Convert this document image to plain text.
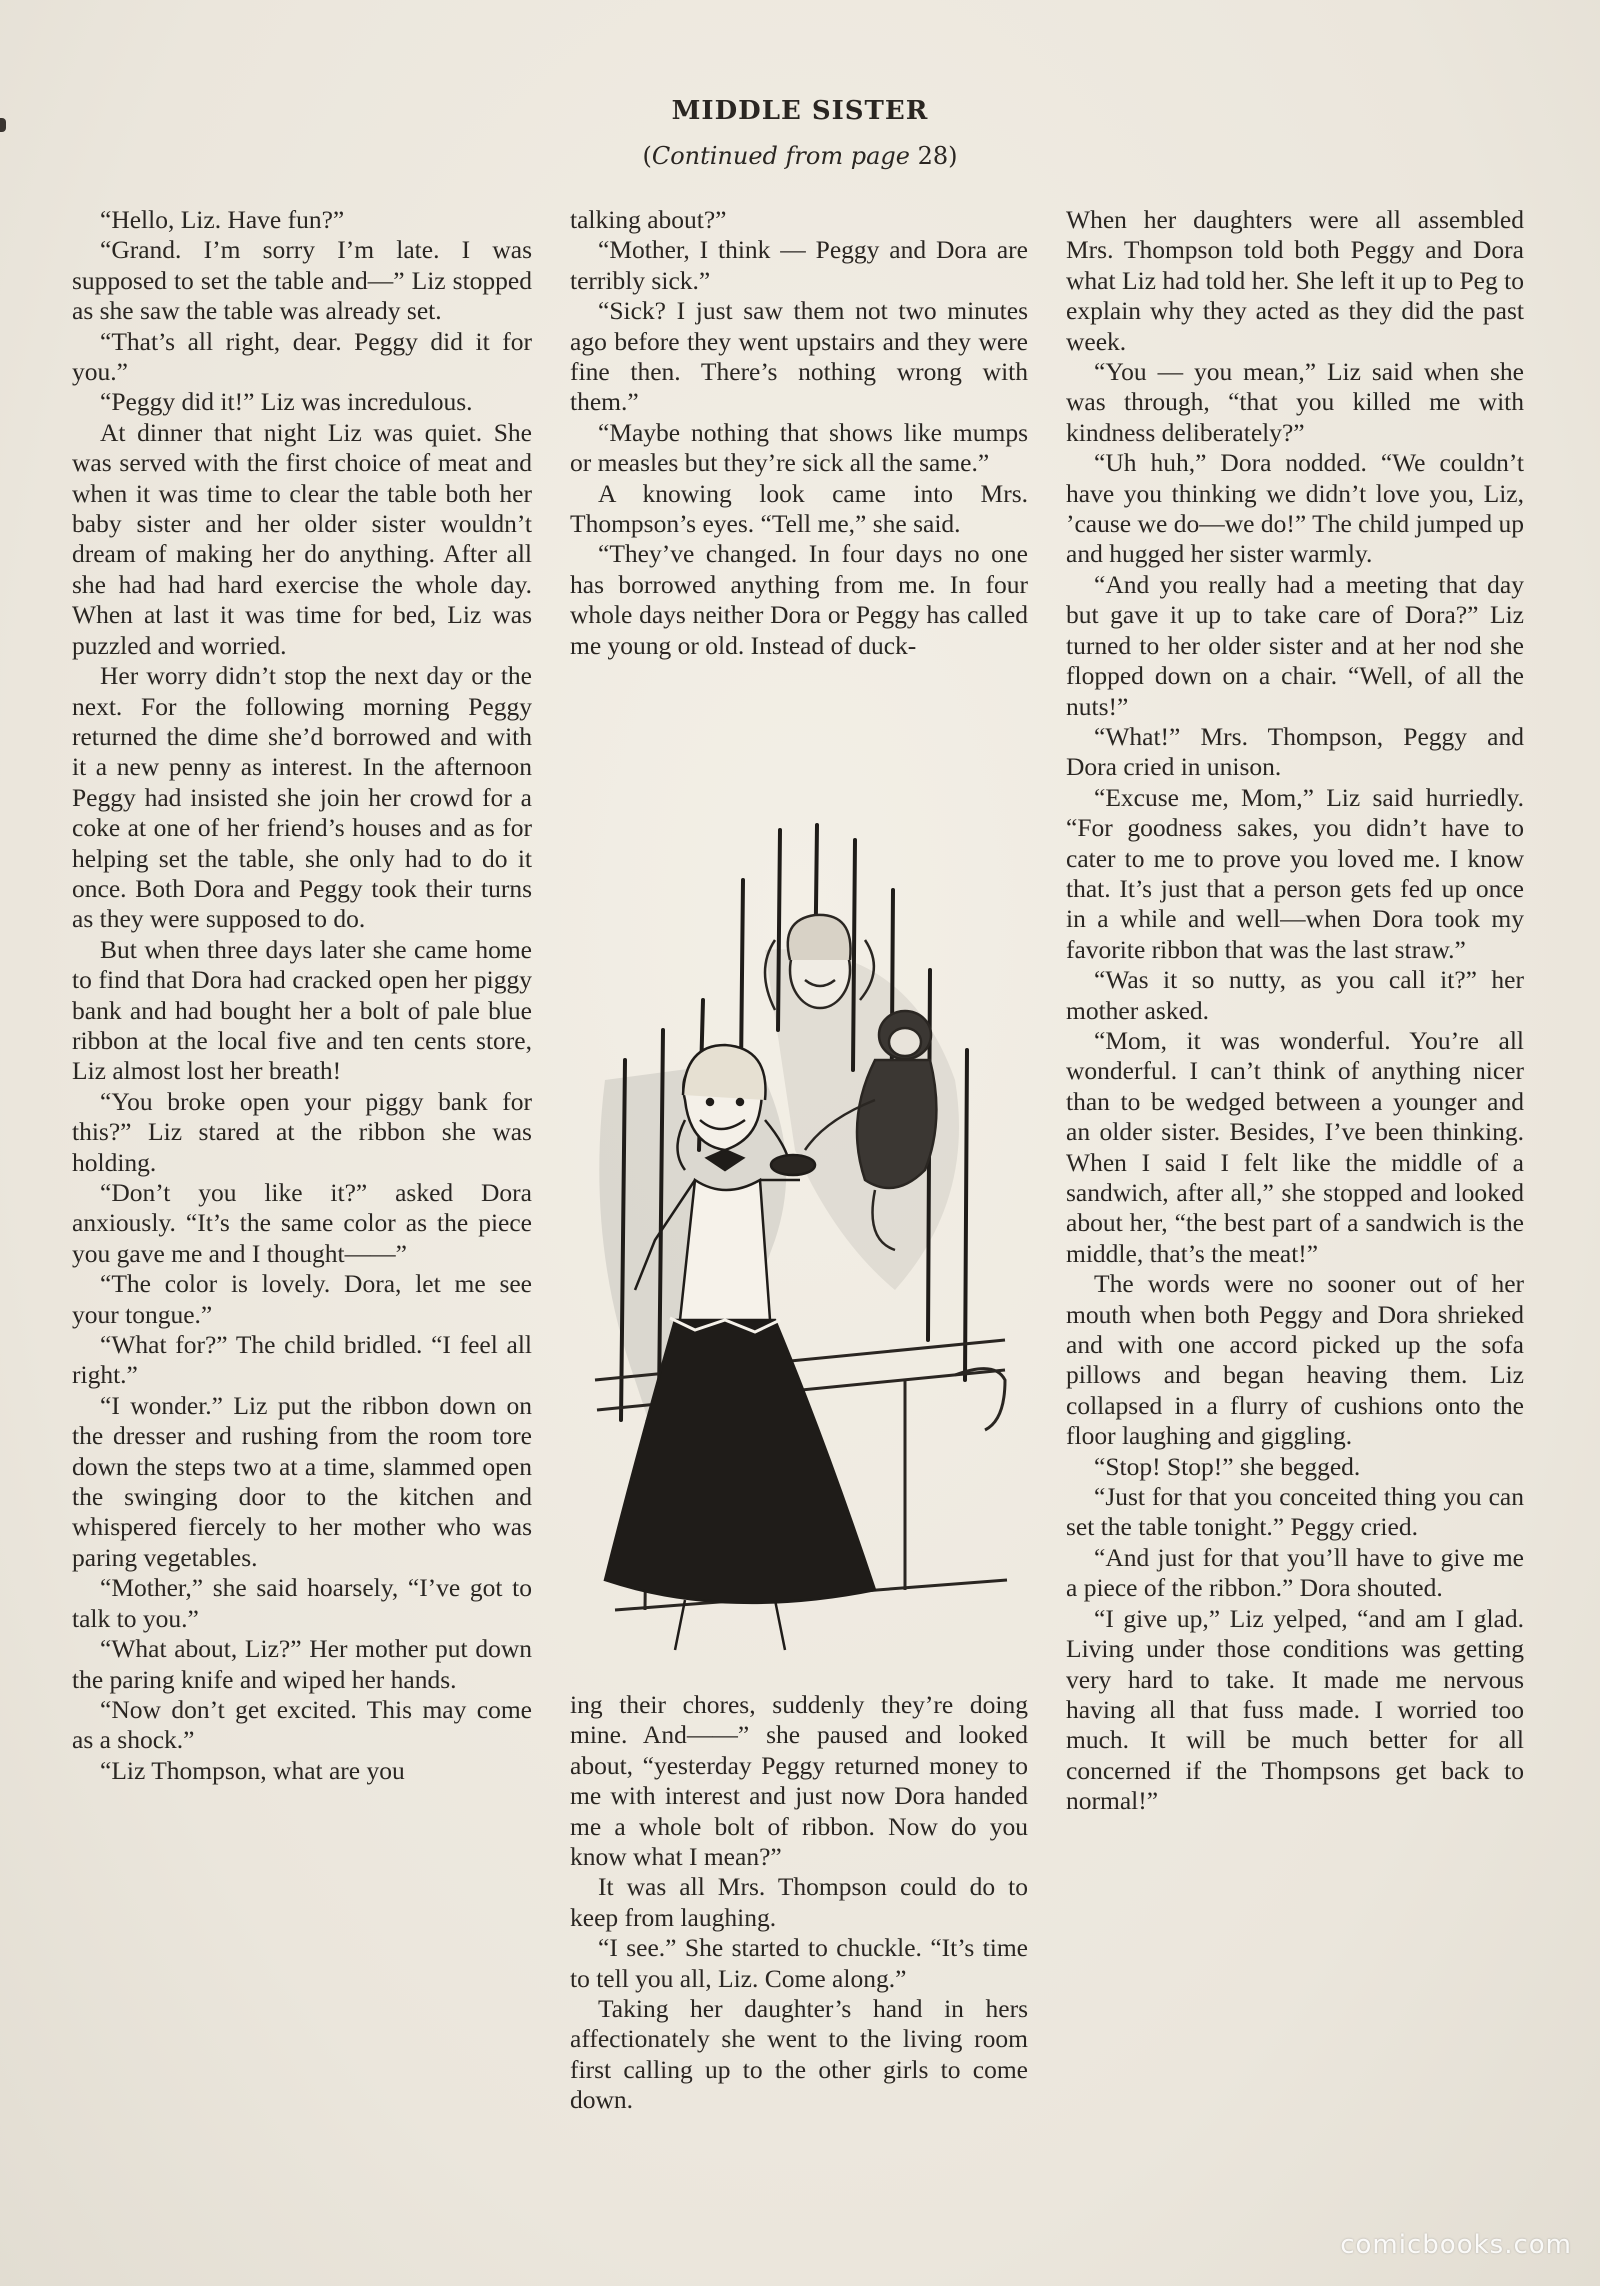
MIDDLE SISTER
(Continued from page 28)

“Hello, Liz. Have fun?”

“Grand. I’m sorry I’m late. I was supposed to set the table and—” Liz stopped as she saw the table was already set.

“That’s all right, dear. Peggy did it for you.”

“Peggy did it!” Liz was incredulous.

At dinner that night Liz was quiet. She was served with the first choice of meat and when it was time to clear the table both her baby sister and her older sister wouldn’t dream of making her do anything. After all she had had hard exercise the whole day. When at last it was time for bed, Liz was puzzled and worried.

Her worry didn’t stop the next day or the next. For the following morning Peggy returned the dime she’d borrowed and with it a new penny as interest. In the afternoon Peggy had insisted she join her crowd for a coke at one of her friend’s houses and as for helping set the table, she only had to do it once. Both Dora and Peggy took their turns as they were supposed to do.

But when three days later she came home to find that Dora had cracked open her piggy bank and had bought her a bolt of pale blue ribbon at the local five and ten cents store, Liz almost lost her breath!

“You broke open your piggy bank for this?” Liz stared at the ribbon she was holding.

“Don’t you like it?” asked Dora anxiously. “It’s the same color as the piece you gave me and I thought——”

“The color is lovely. Dora, let me see your tongue.”

“What for?” The child bridled. “I feel all right.”

“I wonder.” Liz put the ribbon down on the dresser and rushing from the room tore down the steps two at a time, slammed open the swinging door to the kitchen and whispered fiercely to her mother who was paring vegetables.

“Mother,” she said hoarsely, “I’ve got to talk to you.”

“What about, Liz?” Her mother put down the paring knife and wiped her hands.

“Now don’t get excited. This may come as a shock.”

“Liz Thompson, what are you

talking about?”

“Mother, I think — Peggy and Dora are terribly sick.”

“Sick? I just saw them not two minutes ago before they went upstairs and they were fine then. There’s nothing wrong with them.”

“Maybe nothing that shows like mumps or measles but they’re sick all the same.”

A knowing look came into Mrs. Thompson’s eyes. “Tell me,” she said.

“They’ve changed. In four days no one has borrowed anything from me. In four whole days neither Dora or Peggy has called me young or old. Instead of duck-

ing their chores, suddenly they’re doing mine. And——” she paused and looked about, “yesterday Peggy returned money to me with interest and just now Dora handed me a whole bolt of ribbon. Now do you know what I mean?”

It was all Mrs. Thompson could do to keep from laughing.

“I see.” She started to chuckle. “It’s time to tell you all, Liz. Come along.”

Taking her daughter’s hand in hers affectionately she went to the living room first calling up to the other girls to come down.

When her daughters were all assembled Mrs. Thompson told both Peggy and Dora what Liz had told her. She left it up to Peg to explain why they acted as they did the past week.

“You — you mean,” Liz said when she was through, “that you killed me with kindness deliberately?”

“Uh huh,” Dora nodded. “We couldn’t have you thinking we didn’t love you, Liz, ’cause we do—we do!” The child jumped up and hugged her sister warmly.

“And you really had a meeting that day but gave it up to take care of Dora?” Liz turned to her older sister and at her nod she flopped down on a chair. “Well, of all the nuts!”

“What!” Mrs. Thompson, Peggy and Dora cried in unison.

“Excuse me, Mom,” Liz said hurriedly. “For goodness sakes, you didn’t have to cater to me to prove you loved me. I know that. It’s just that a person gets fed up once in a while and well—when Dora took my favorite ribbon that was the last straw.”

“Was it so nutty, as you call it?” her mother asked.

“Mom, it was wonderful. You’re all wonderful. I can’t think of anything nicer than to be wedged between a younger and an older sister. Besides, I’ve been thinking. When I said I felt like the middle of a sandwich, after all,” she stopped and looked about her, “the best part of a sandwich is the middle, that’s the meat!”

The words were no sooner out of her mouth when both Peggy and Dora shrieked and with one accord picked up the sofa pillows and began heaving them. Liz collapsed in a flurry of cushions onto the floor laughing and giggling.

“Stop! Stop!” she begged.

“Just for that you conceited thing you can set the table tonight.” Peggy cried.

“And just for that you’ll have to give me a piece of the ribbon.” Dora shouted.

“I give up,” Liz yelped, “and am I glad. Living under those conditions was getting very hard to take. It made me nervous having all that fuss made. I worried too much. It will be much better for all concerned if the Thompsons get back to normal!”

comicbooks.com
